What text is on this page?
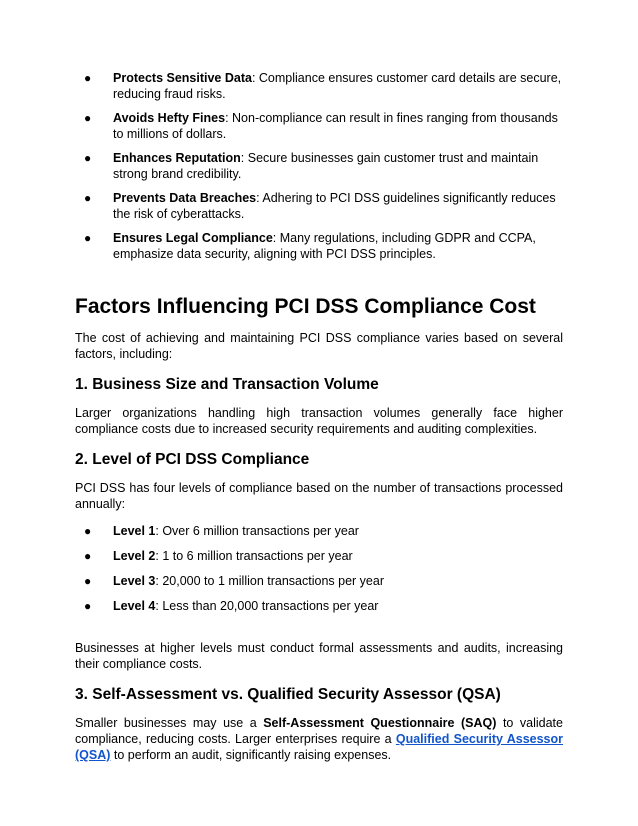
● Protects Sensitive Data: Compliance ensures customer card details are secure, reducing fraud risks.
● Avoids Hefty Fines: Non-compliance can result in fines ranging from thousands to millions of dollars.
● Enhances Reputation: Secure businesses gain customer trust and maintain strong brand credibility.
● Prevents Data Breaches: Adhering to PCI DSS guidelines significantly reduces the risk of cyberattacks.
● Ensures Legal Compliance: Many regulations, including GDPR and CCPA, emphasize data security, aligning with PCI DSS principles.
Factors Influencing PCI DSS Compliance Cost

The cost of achieving and maintaining PCI DSS compliance varies based on several factors, including:

1. Business Size and Transaction Volume

Larger organizations handling high transaction volumes generally face higher compliance costs due to increased security requirements and auditing complexities.

2. Level of PCI DSS Compliance

PCI DSS has four levels of compliance based on the number of transactions processed annually:

● Level 1: Over 6 million transactions per year
● Level 2: 1 to 6 million transactions per year
● Level 3: 20,000 to 1 million transactions per year
● Level 4: Less than 20,000 transactions per year

Businesses at higher levels must conduct formal assessments and audits, increasing their compliance costs.

3. Self-Assessment vs. Qualified Security Assessor (QSA)

Smaller businesses may use a Self-Assessment Questionnaire (SAQ) to validate compliance, reducing costs. Larger enterprises require a Qualified Security Assessor (QSA) to perform an audit, significantly raising expenses.
